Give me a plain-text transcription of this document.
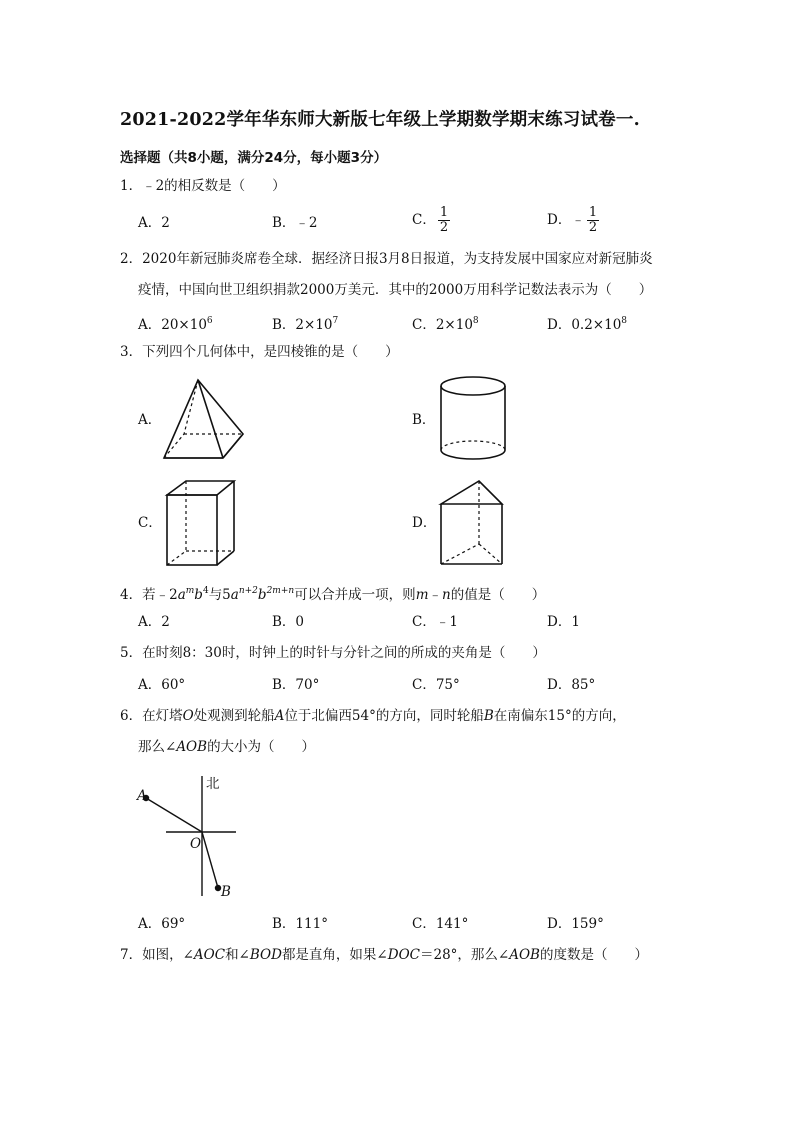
2021-2022学年华东师大新版七年级上学期数学期末练习试卷一.
选择题（共8小题，满分24分，每小题3分）
1．﹣2的相反数是（　　）
A．2	B．﹣2	C． $\frac{1}{2}$	D．﹣ $\frac{1}{2}$
2．2020年新冠肺炎席卷全球．据经济日报3月8日报道，为支持发展中国家应对新冠肺炎
疫情，中国向世卫组织捐款2000万美元．其中的2000万用科学记数法表示为（　　）
A．$20\times 10^6$	B．$2\times 10^7$	C．$2\times 10^8$	D．$0.2\times 10^8$
3．下列四个几何体中，是四棱锥的是（　　）
A．	B．
C．	D．
4．若$﹣2a^mb^4$与$5a^{n+2}b^{2m+n}$可以合并成一项，则m﹣n的值是（　　）
A．2	B．0	C．﹣1	D．1
5．在时刻8：30时，时钟上的时针与分针之间的所成的夹角是（　　）
A．60°	B．70°	C．75°	D．85°
6．在灯塔O处观测到轮船A位于北偏西54°的方向，同时轮船B在南偏东15°的方向，
那么∠AOB的大小为（　　）
北
A
O
B
A．69°	B．111°	C．141°	D．159°
7．如图，∠AOC和∠BOD都是直角，如果∠DOC＝28°，那么∠AOB的度数是（　　）
